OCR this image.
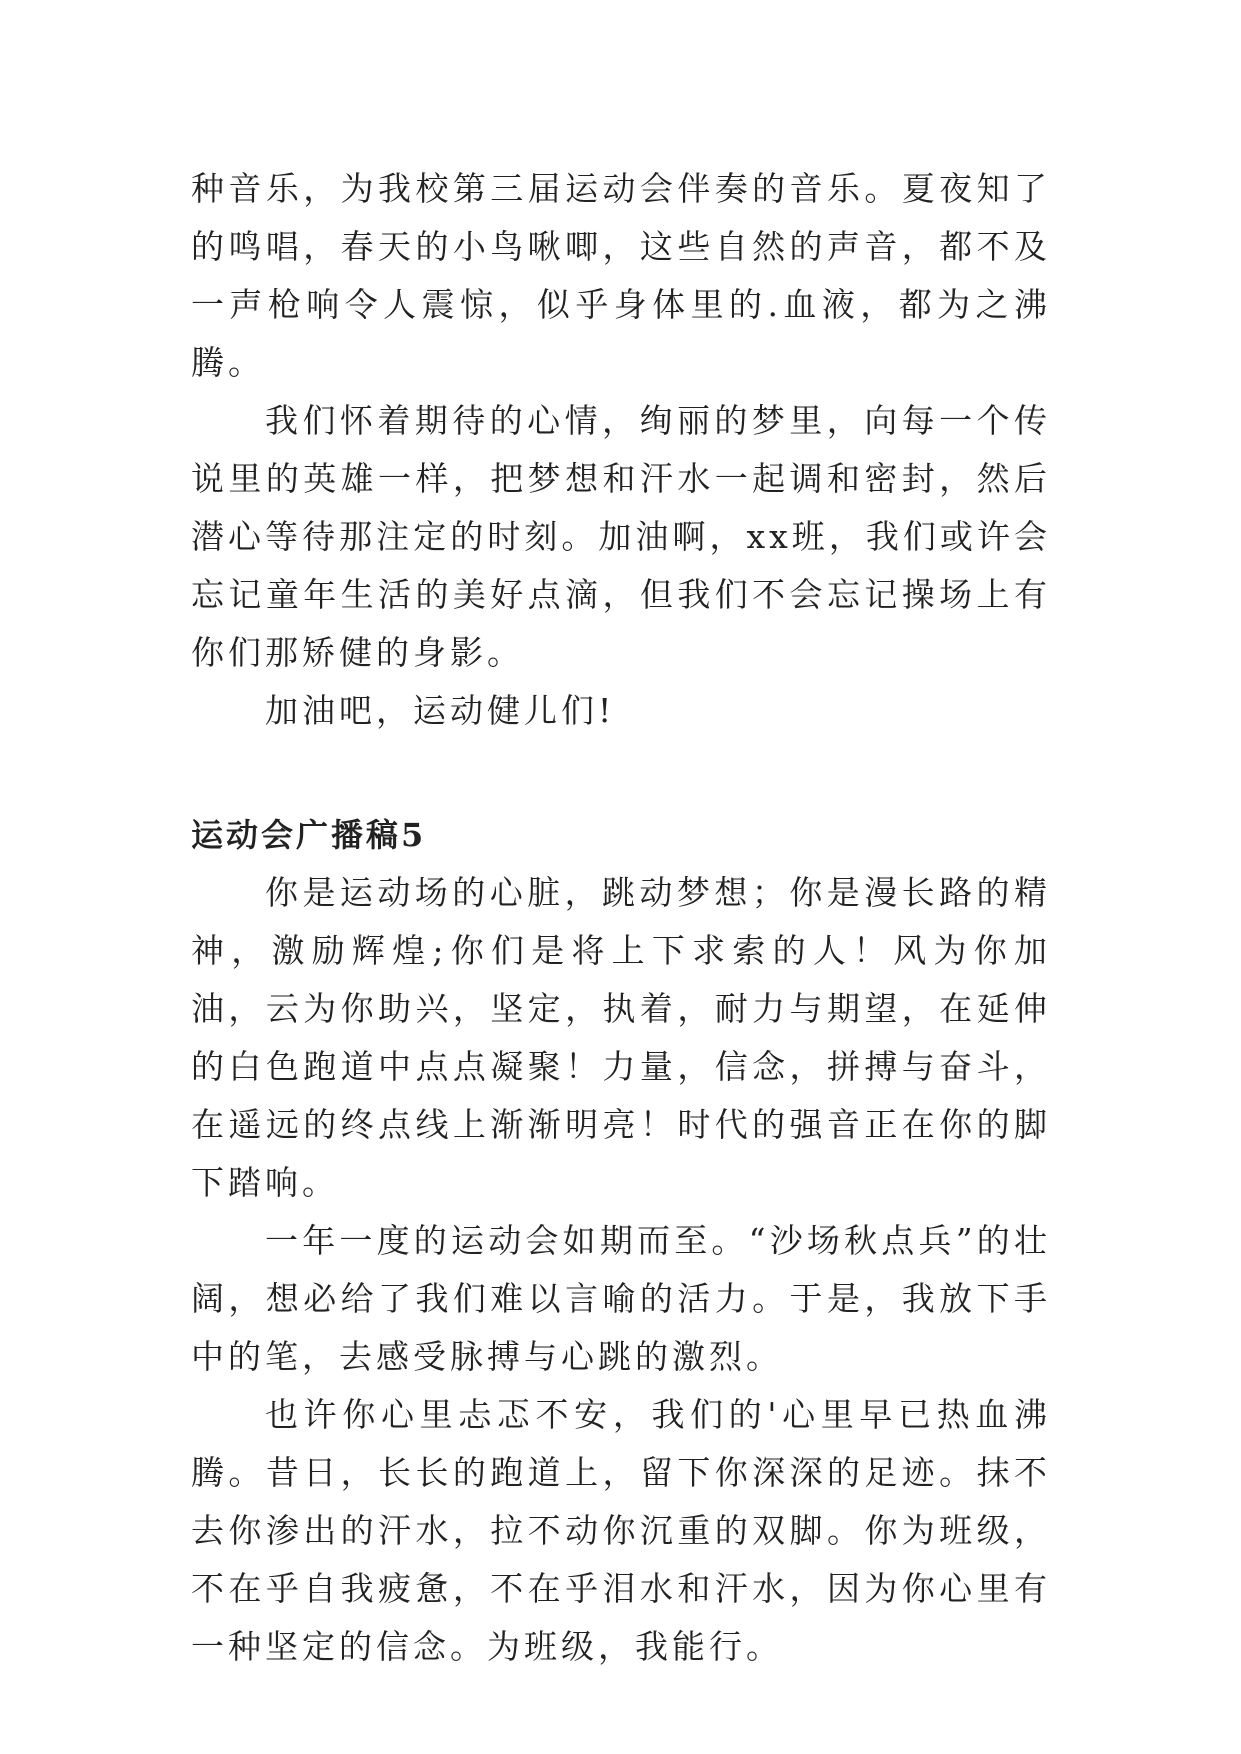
种音乐，为我校第三届运动会伴奏的音乐。夏夜知了的鸣唱，春天的小鸟啾唧，这些自然的声音，都不及一声枪响令人震惊，似乎身体里的.血液，都为之沸腾。

我们怀着期待的心情，绚丽的梦里，向每一个传说里的英雄一样，把梦想和汗水一起调和密封，然后潜心等待那注定的时刻。加油啊，xx班，我们或许会忘记童年生活的美好点滴，但我们不会忘记操场上有你们那矫健的身影。

加油吧，运动健儿们!

运动会广播稿5

你是运动场的心脏，跳动梦想；你是漫长路的精神，激励辉煌;你们是将上下求索的人！风为你加油，云为你助兴，坚定，执着，耐力与期望，在延伸的白色跑道中点点凝聚！力量，信念，拼搏与奋斗，在遥远的终点线上渐渐明亮！时代的强音正在你的脚下踏响。

一年一度的运动会如期而至。“沙场秋点兵”的壮阔，想必给了我们难以言喻的活力。于是，我放下手中的笔，去感受脉搏与心跳的激烈。

也许你心里忐忑不安，我们的'心里早已热血沸腾。昔日，长长的跑道上，留下你深深的足迹。抹不去你渗出的汗水，拉不动你沉重的双脚。你为班级，不在乎自我疲惫，不在乎泪水和汗水，因为你心里有一种坚定的信念。为班级，我能行。
